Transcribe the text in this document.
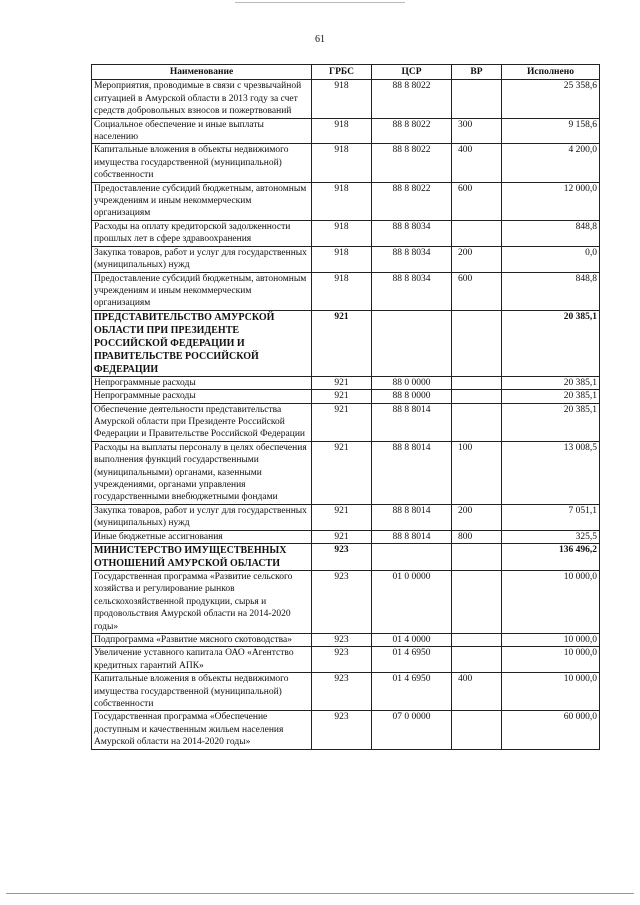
61
Наименование	ГРБС	ЦСР	ВР	Исполнено
Мероприятия, проводимые в связи с чрезвычайной ситуацией в Амурской области в 2013 году за счет средств добровольных взносов и пожертвований	918	88 8 8022		25 358,6
Социальное обеспечение и иные выплаты населению	918	88 8 8022	300	9 158,6
Капитальные вложения в объекты недвижимого имущества государственной (муниципальной) собственности	918	88 8 8022	400	4 200,0
Предоставление субсидий бюджетным, автономным учреждениям и иным некоммерческим организациям	918	88 8 8022	600	12 000,0
Расходы на оплату кредиторской задолженности прошлых лет в сфере здравоохранения	918	88 8 8034		848,8
Закупка товаров, работ и услуг для государственных (муниципальных) нужд	918	88 8 8034	200	0,0
Предоставление субсидий бюджетным, автономным учреждениям и иным некоммерческим организациям	918	88 8 8034	600	848,8
ПРЕДСТАВИТЕЛЬСТВО АМУРСКОЙ ОБЛАСТИ ПРИ ПРЕЗИДЕНТЕ РОССИЙСКОЙ ФЕДЕРАЦИИ И ПРАВИТЕЛЬСТВЕ РОССИЙСКОЙ ФЕДЕРАЦИИ	921			20 385,1
Непрограммные расходы	921	88 0 0000		20 385,1
Непрограммные расходы	921	88 8 0000		20 385,1
Обеспечение деятельности представительства Амурской области при Президенте Российской Федерации и Правительстве Российской Федерации	921	88 8 8014		20 385,1
Расходы на выплаты персоналу в целях обеспечения выполнения функций государственными (муниципальными) органами, казенными учреждениями, органами управления государственными внебюджетными фондами	921	88 8 8014	100	13 008,5
Закупка товаров, работ и услуг для государственных (муниципальных) нужд	921	88 8 8014	200	7 051,1
Иные бюджетные ассигнования	921	88 8 8014	800	325,5
МИНИСТЕРСТВО ИМУЩЕСТВЕННЫХ ОТНОШЕНИЙ АМУРСКОЙ ОБЛАСТИ	923			136 496,2
Государственная программа «Развитие сельского хозяйства и регулирование рынков сельскохозяйственной продукции, сырья и продовольствия Амурской области на 2014-2020 годы»	923	01 0 0000		10 000,0
Подпрограмма «Развитие мясного скотоводства»	923	01 4 0000		10 000,0
Увеличение уставного капитала ОАО «Агентство кредитных гарантий АПК»	923	01 4 6950		10 000,0
Капитальные вложения в объекты недвижимого имущества государственной (муниципальной) собственности	923	01 4 6950	400	10 000,0
Государственная программа «Обеспечение доступным и качественным жильем населения Амурской области на 2014-2020 годы»	923	07 0 0000		60 000,0
